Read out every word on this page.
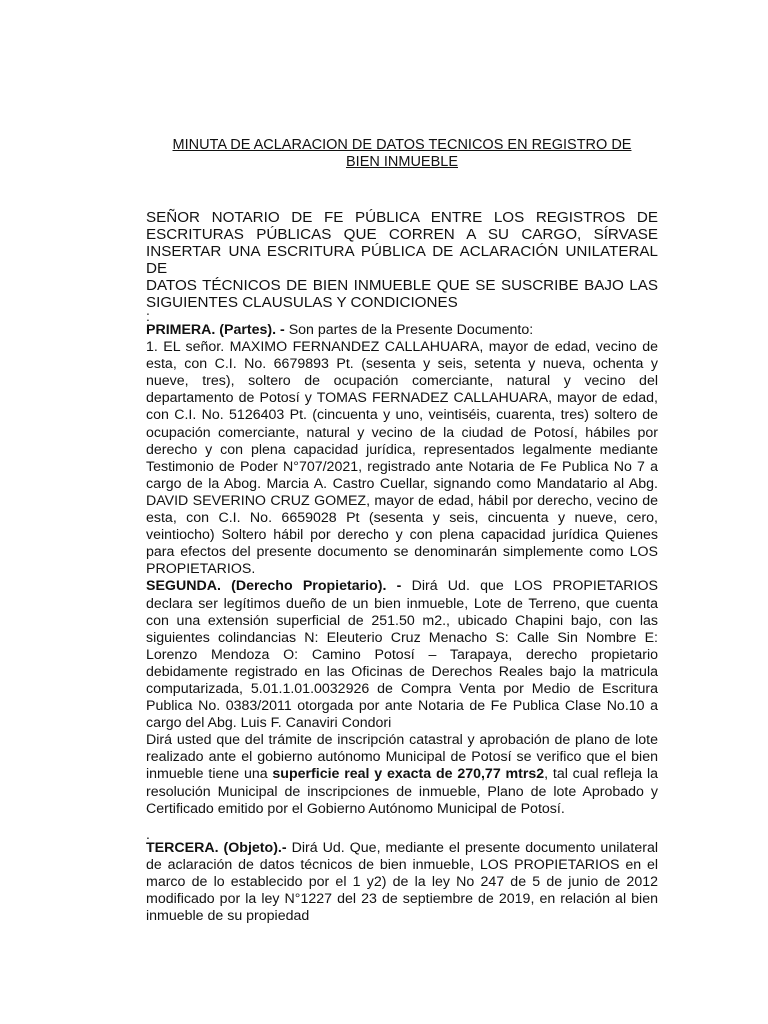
MINUTA DE ACLARACION DE DATOS TECNICOS EN REGISTRO DE
BIEN INMUEBLE

SEÑOR NOTARIO DE FE PÚBLICA ENTRE LOS REGISTROS DE ESCRITURAS PÚBLICAS QUE CORREN A SU CARGO, SÍRVASE INSERTAR UNA ESCRITURA PÚBLICA DE ACLARACIÓN UNILATERAL DE

DATOS TÉCNICOS DE BIEN INMUEBLE QUE SE SUSCRIBE BAJO LAS SIGUIENTES CLAUSULAS Y CONDICIONES

:

PRIMERA. (Partes). - Son partes de la Presente Documento:

1. EL señor. MAXIMO FERNANDEZ CALLAHUARA, mayor de edad, vecino de esta, con C.I. No. 6679893 Pt. (sesenta y seis, setenta y nueva, ochenta y nueve, tres), soltero de ocupación comerciante, natural y vecino del departamento de Potosí y TOMAS FERNADEZ CALLAHUARA, mayor de edad, con C.I. No. 5126403 Pt. (cincuenta y uno, veintiséis, cuarenta, tres) soltero de ocupación comerciante, natural y vecino de la ciudad de Potosí, hábiles por derecho y con plena capacidad jurídica, representados legalmente mediante Testimonio de Poder N°707/2021, registrado ante Notaria de Fe Publica No 7 a cargo de la Abog. Marcia A. Castro Cuellar, signando como Mandatario al Abg. DAVID SEVERINO CRUZ GOMEZ, mayor de edad, hábil por derecho, vecino de esta, con C.I. No. 6659028 Pt (sesenta y seis, cincuenta y nueve, cero, veintiocho) Soltero hábil por derecho y con plena capacidad jurídica Quienes para efectos del presente documento se denominarán simplemente como LOS PROPIETARIOS.

SEGUNDA. (Derecho Propietario). - Dirá Ud. que LOS PROPIETARIOS declara ser legítimos dueño de un bien inmueble, Lote de Terreno, que cuenta con una extensión superficial de 251.50 m2., ubicado Chapini bajo, con las siguientes colindancias N: Eleuterio Cruz Menacho S: Calle Sin Nombre E: Lorenzo Mendoza O: Camino Potosí – Tarapaya, derecho propietario debidamente registrado en las Oficinas de Derechos Reales bajo la matricula computarizada, 5.01.1.01.0032926 de Compra Venta por Medio de Escritura Publica No. 0383/2011 otorgada por ante Notaria de Fe Publica Clase No.10 a cargo del Abg. Luis F. Canaviri Condori

Dirá usted que del trámite de inscripción catastral y aprobación de plano de lote realizado ante el gobierno autónomo Municipal de Potosí se verifico que el bien inmueble tiene una superficie real y exacta de 270,77 mtrs2, tal cual refleja la resolución Municipal de inscripciones de inmueble, Plano de lote Aprobado y Certificado emitido por el Gobierno Autónomo Municipal de Potosí.

.

TERCERA. (Objeto).- Dirá Ud. Que, mediante el presente documento unilateral de aclaración de datos técnicos de bien inmueble, LOS PROPIETARIOS en el marco de lo establecido por el 1 y2) de la ley No 247 de 5 de junio de 2012 modificado por la ley N°1227 del 23 de septiembre de 2019, en relación al bien inmueble de su propiedad
